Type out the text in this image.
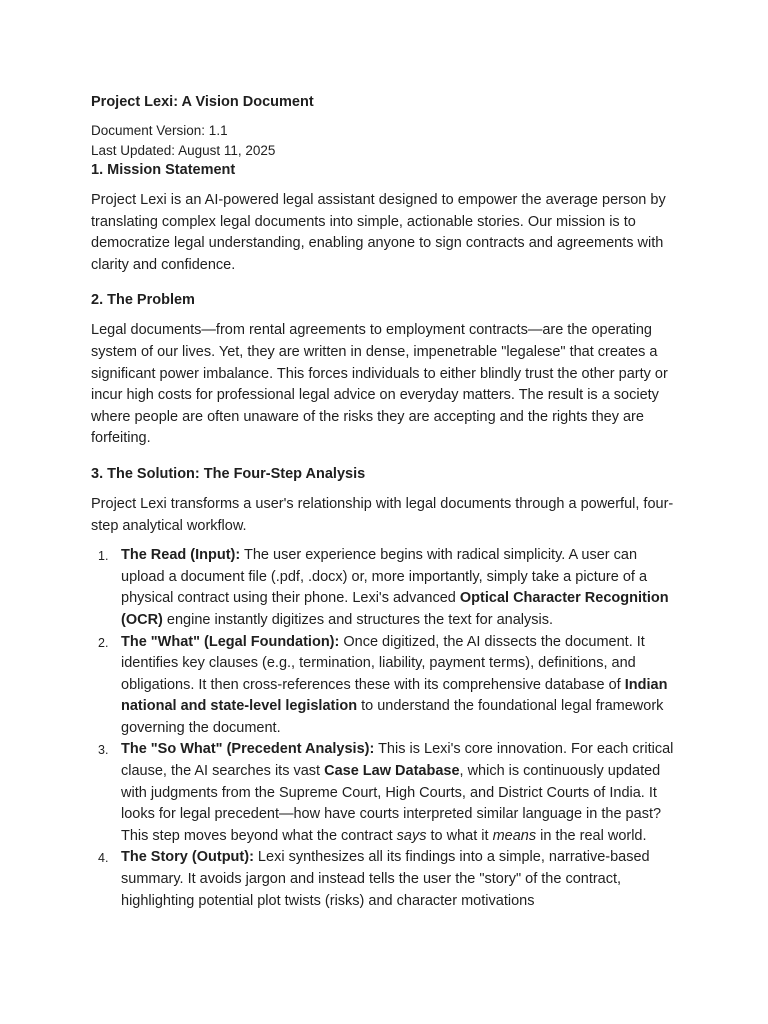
Project Lexi: A Vision Document

Document Version: 1.1

Last Updated: August 11, 2025

1. Mission Statement

Project Lexi is an AI-powered legal assistant designed to empower the average person by translating complex legal documents into simple, actionable stories. Our mission is to democratize legal understanding, enabling anyone to sign contracts and agreements with clarity and confidence.

2. The Problem

Legal documents—from rental agreements to employment contracts—are the operating system of our lives. Yet, they are written in dense, impenetrable "legalese" that creates a significant power imbalance. This forces individuals to either blindly trust the other party or incur high costs for professional legal advice on everyday matters. The result is a society where people are often unaware of the risks they are accepting and the rights they are forfeiting.

3. The Solution: The Four-Step Analysis

Project Lexi transforms a user's relationship with legal documents through a powerful, four-step analytical workflow.

1. The Read (Input): The user experience begins with radical simplicity. A user can upload a document file (.pdf, .docx) or, more importantly, simply take a picture of a physical contract using their phone. Lexi's advanced Optical Character Recognition (OCR) engine instantly digitizes and structures the text for analysis.
2. The "What" (Legal Foundation): Once digitized, the AI dissects the document. It identifies key clauses (e.g., termination, liability, payment terms), definitions, and obligations. It then cross-references these with its comprehensive database of Indian national and state-level legislation to understand the foundational legal framework governing the document.
3. The "So What" (Precedent Analysis): This is Lexi's core innovation. For each critical clause, the AI searches its vast Case Law Database, which is continuously updated with judgments from the Supreme Court, High Courts, and District Courts of India. It looks for legal precedent—how have courts interpreted similar language in the past? This step moves beyond what the contract says to what it means in the real world.
4. The Story (Output): Lexi synthesizes all its findings into a simple, narrative-based summary. It avoids jargon and instead tells the user the "story" of the contract, highlighting potential plot twists (risks) and character motivations
